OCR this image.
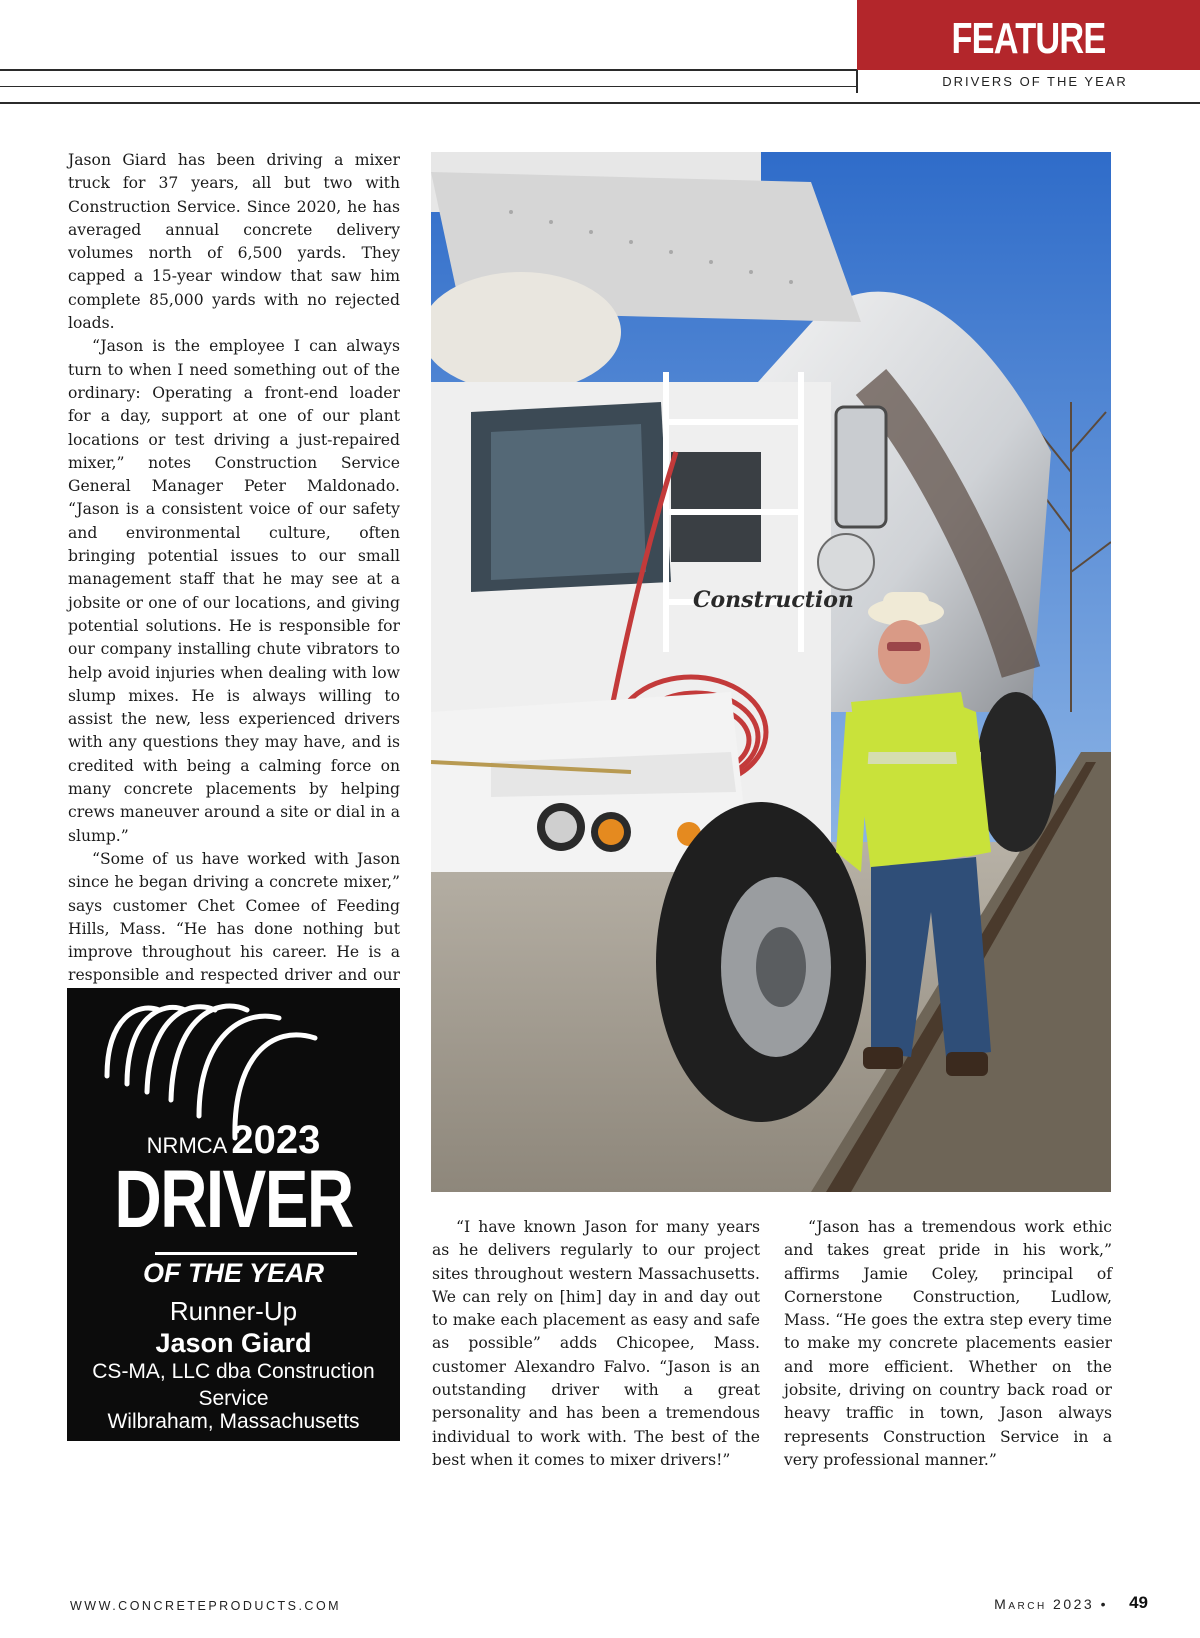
FEATURE
DRIVERS OF THE YEAR

Jason Giard has been driving a mixer truck for 37 years, all but two with Construction Service. Since 2020, he has averaged annual concrete delivery volumes north of 6,500 yards. They capped a 15-year window that saw him complete 85,000 yards with no rejected loads.

“Jason is the employee I can always turn to when I need something out of the ordinary: Operating a front-end loader for a day, support at one of our plant locations or test driving a just-repaired mixer,” notes Construction Service General Manager Peter Maldonado. “Jason is a consistent voice of our safety and environmental culture, often bringing potential issues to our small management staff that he may see at a jobsite or one of our locations, and giving potential solutions. He is responsible for our company installing chute vibrators to help avoid injuries when dealing with low slump mixes. He is always willing to assist the new, less experienced drivers with any questions they may have, and is credited with being a calming force on many concrete placements by helping crews maneuver around a site or dial in a slump.”

“Some of us have worked with Jason since he began driving a concrete mixer,” says customer Chet Comee of Feeding Hills, Mass. “He has done nothing but improve throughout his career. He is a responsible and respected driver and our

NRMCA 2023
DRIVER
OF THE YEAR
Runner-Up
Jason Giard
CS-MA, LLC dba Construction Service
Wilbraham, Massachusetts
Construction

“I have known Jason for many years as he delivers regularly to our project sites throughout western Massachusetts. We can rely on [him] day in and day out to make each placement as easy and safe as possible” adds Chicopee, Mass. customer Alexandro Falvo. “Jason is an outstanding driver with a great personality and has been a tremendous individual to work with. The best of the best when it comes to mixer drivers!”

“Jason has a tremendous work ethic and takes great pride in his work,” affirms Jamie Coley, principal of Cornerstone Construction, Ludlow, Mass. “He goes the extra step every time to make my concrete placements easier and more efficient. Whether on the jobsite, driving on country back road or heavy traffic in town, Jason always represents Construction Service in a very professional manner.”

WWW.CONCRETEPRODUCTS.COM	March 2023 • 49
